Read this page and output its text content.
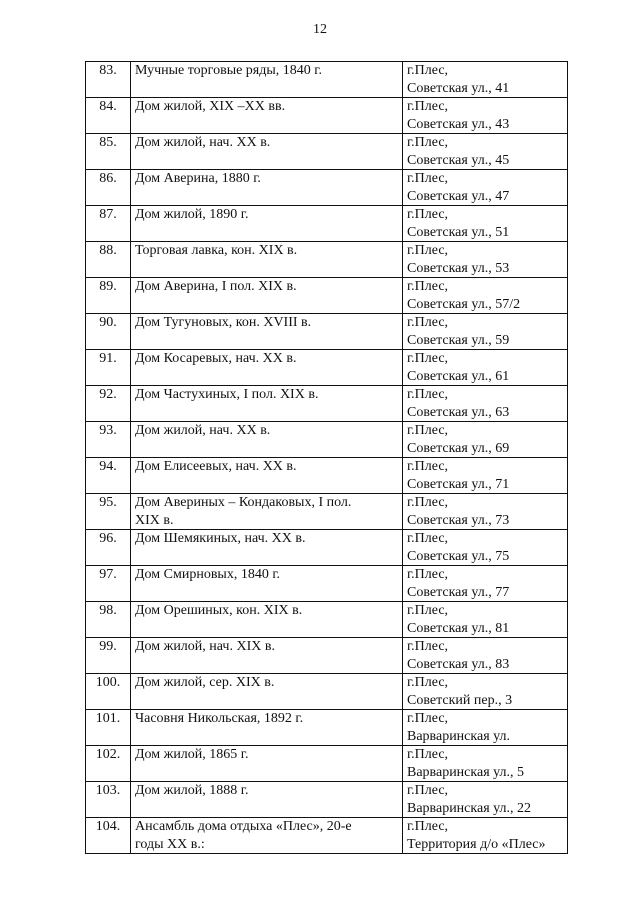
12
83.	Мучные торговые ряды, 1840 г.	г.Плес,
Советская ул., 41

84.	Дом жилой, XIX –XX вв.	г.Плес,
Советская ул., 43

85.	Дом жилой, нач. XX в.	г.Плес,
Советская ул., 45

86.	Дом Аверина, 1880 г.	г.Плес,
Советская ул., 47

87.	Дом жилой, 1890 г.	г.Плес,
Советская ул., 51

88.	Торговая лавка, кон. XIX в.	г.Плес,
Советская ул., 53

89.	Дом Аверина, I пол. XIX в.	г.Плес,
Советская ул., 57/2

90.	Дом Тугуновых, кон. XVIII в.	г.Плес,
Советская ул., 59

91.	Дом Косаревых, нач. XX в.	г.Плес,
Советская ул., 61

92.	Дом Частухиных, I пол. XIX в.	г.Плес,
Советская ул., 63

93.	Дом жилой, нач. XX в.	г.Плес,
Советская ул., 69

94.	Дом Елисеевых, нач. XX в.	г.Плес,
Советская ул., 71

95.	Дом Авериных – Кондаковых, I пол.
XIX в.	г.Плес,
Советская ул., 73

96.	Дом Шемякиных, нач. XX в.	г.Плес,
Советская ул., 75

97.	Дом Смирновых, 1840 г.	г.Плес,
Советская ул., 77

98.	Дом Орешиных, кон. XIX в.	г.Плес,
Советская ул., 81

99.	Дом жилой, нач. XIX в.	г.Плес,
Советская ул., 83

100.	Дом жилой, сер. XIX в.	г.Плес,
Советский пер., 3

101.	Часовня Никольская, 1892 г.	г.Плес,
Варваринская ул.

102.	Дом жилой, 1865 г.	г.Плес,
Варваринская ул., 5

103.	Дом жилой, 1888 г.	г.Плес,
Варваринская ул., 22

104.	Ансамбль дома отдыха «Плес», 20-е
годы XX в.:	г.Плес,
Территория д/о «Плес»
